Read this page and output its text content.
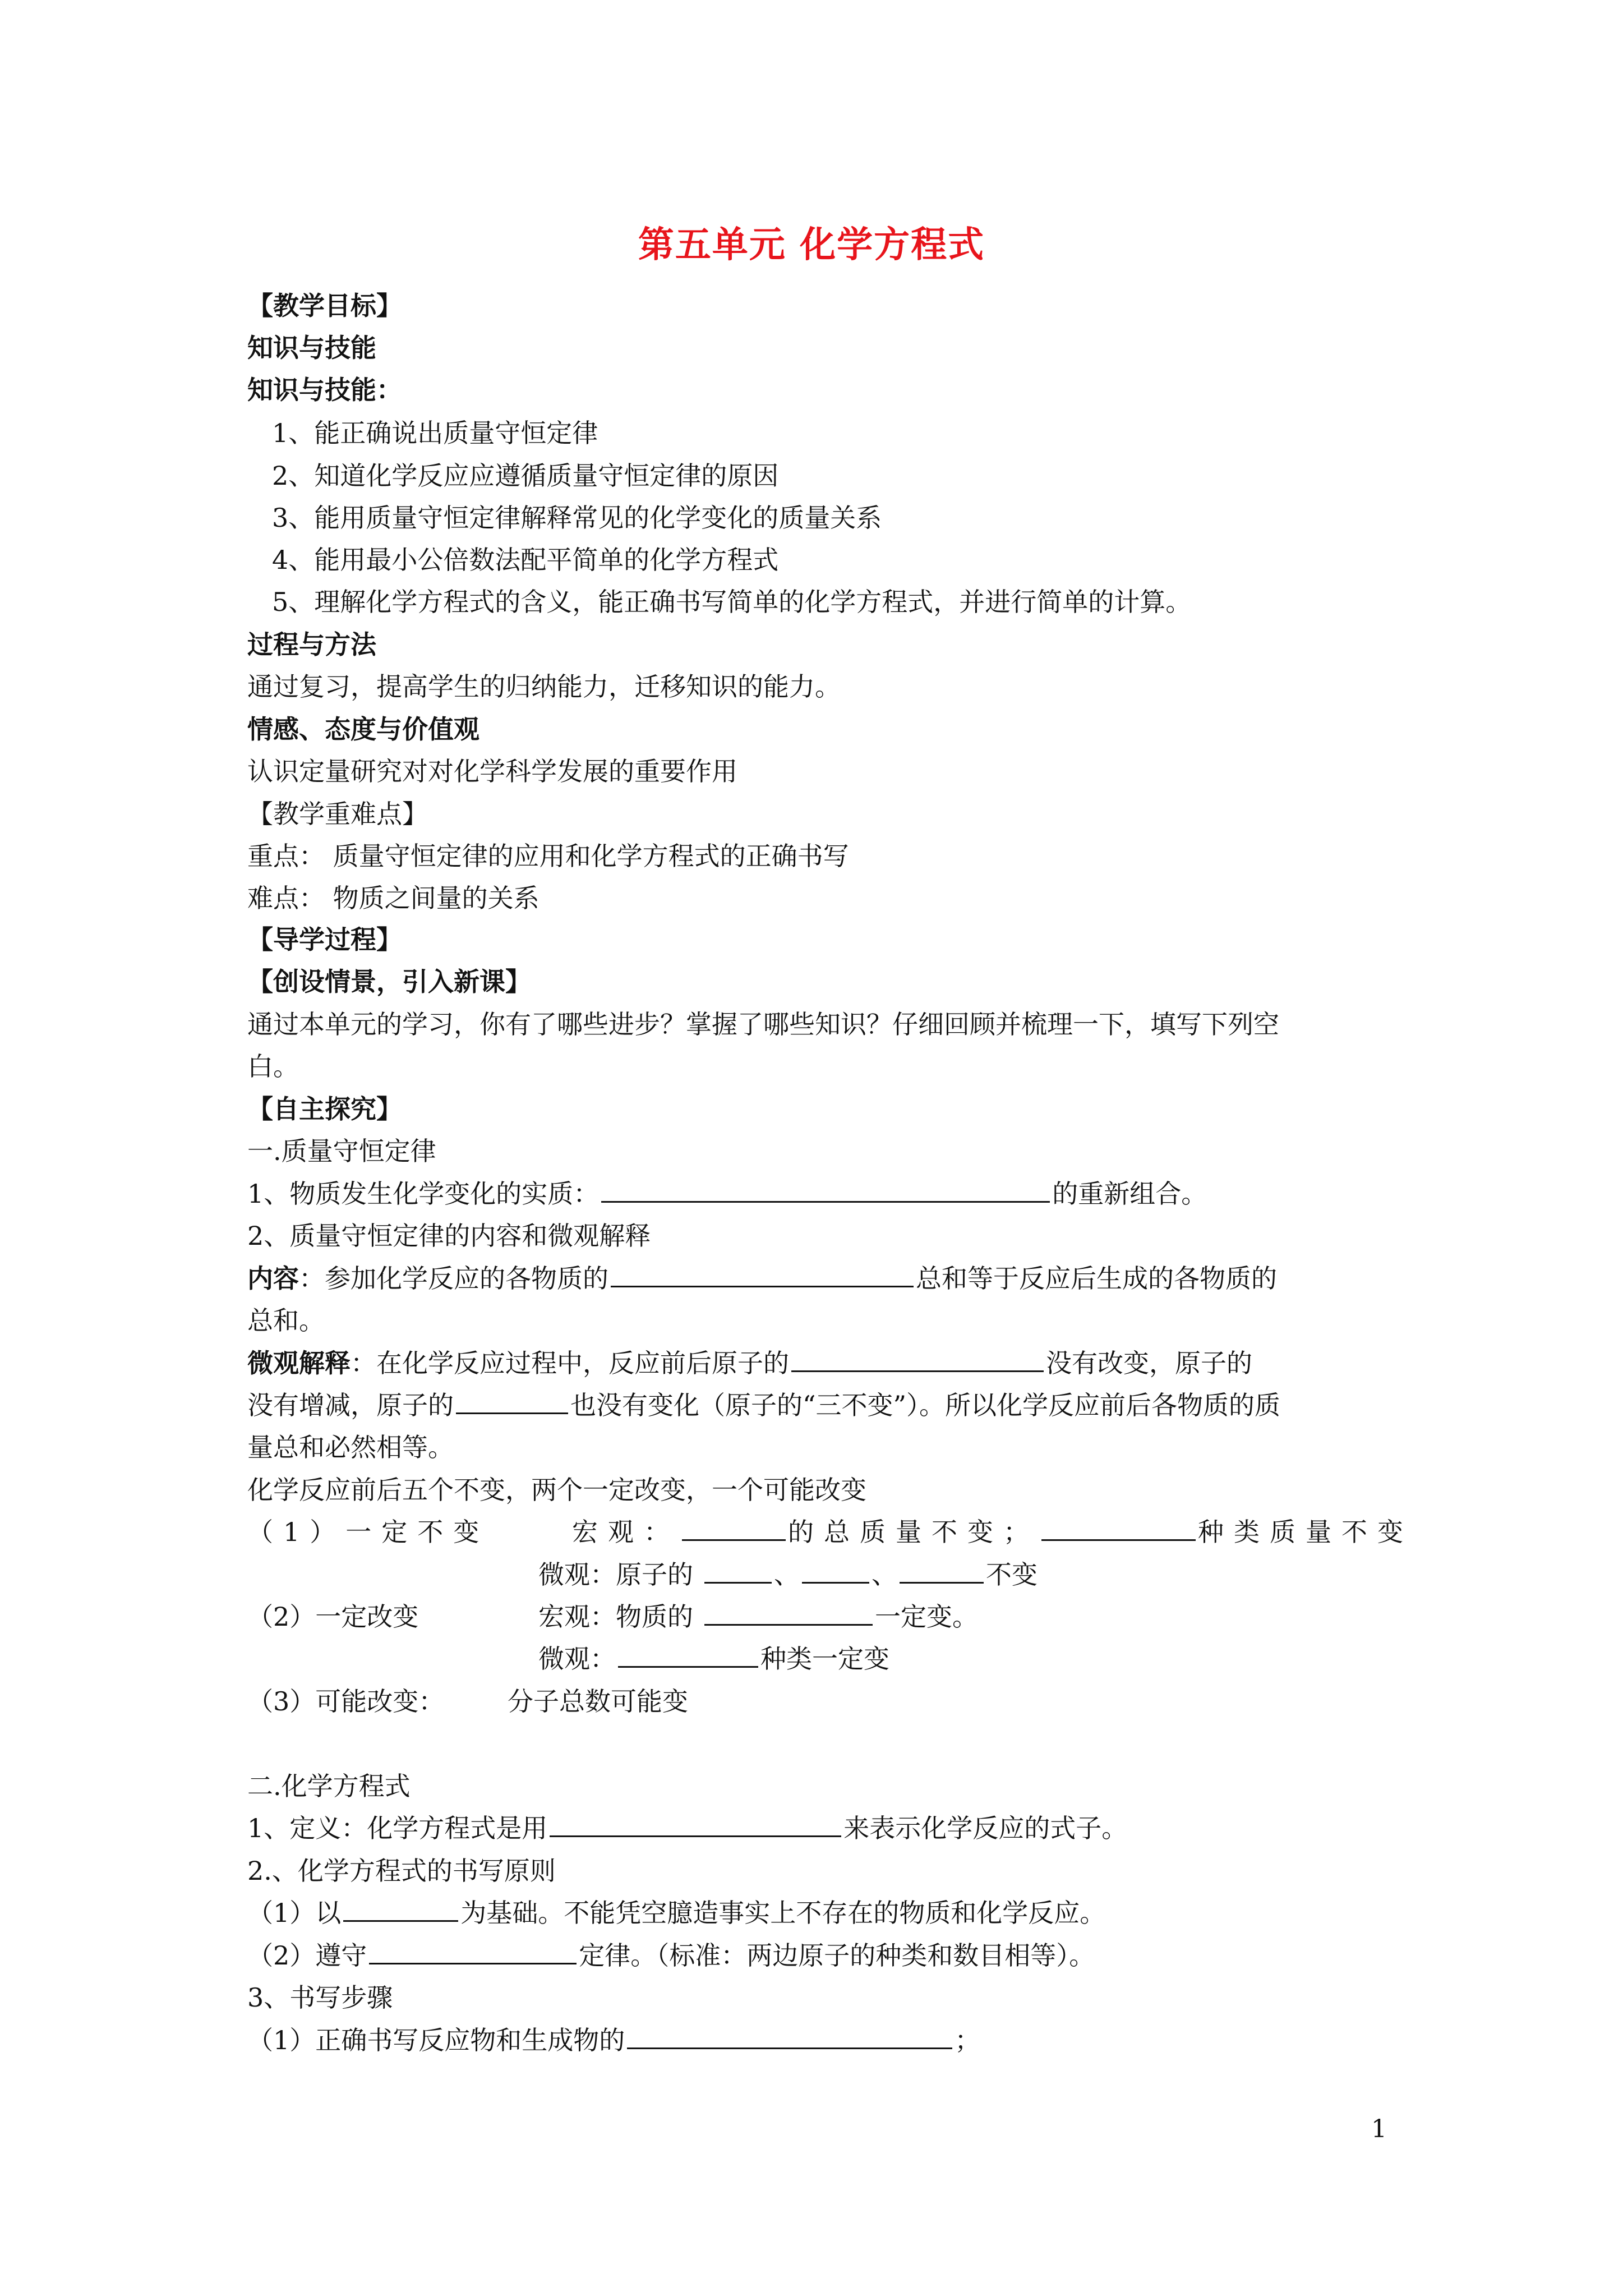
第五单元 化学方程式
【教学目标】
知识与技能
知识与技能：
1、能正确说出质量守恒定律
2、知道化学反应应遵循质量守恒定律的原因
3、能用质量守恒定律解释常见的化学变化的质量关系
4、能用最小公倍数法配平简单的化学方程式
5、理解化学方程式的含义，能正确书写简单的化学方程式，并进行简单的计算。
过程与方法
通过复习，提高学生的归纳能力，迁移知识的能力。
情感、态度与价值观
认识定量研究对对化学科学发展的重要作用
【教学重难点】
重点： 质量守恒定律的应用和化学方程式的正确书写
难点： 物质之间量的关系
【导学过程】
【创设情景，引入新课】
通过本单元的学习，你有了哪些进步？掌握了哪些知识？仔细回顾并梳理一下，填写下列空
白。
【自主探究】
一.质量守恒定律
1、物质发生化学变化的实质：	的重新组合。
2、质量守恒定律的内容和微观解释
内容：参加化学反应的各物质的	总和等于反应后生成的各物质的
总和。
微观解释：在化学反应过程中，反应前后原子的	没有改变，原子的
没有增减，原子的	也没有变化（原子的“三不变”）。所以化学反应前后各物质的质
量总和必然相等。
化学反应前后五个不变，两个一定改变，一个可能改变
（1）一定不变	宏观：	的总质量不变；	种类质量不变
微观：原子的	、	、	不变
（2）一定改变	宏观：物质的	一定变。
微观：	种类一定变
（3）可能改变： 分子总数可能变
二.化学方程式
1、定义：化学方程式是用	来表示化学反应的式子。
2.、化学方程式的书写原则
（1）以	为基础。不能凭空臆造事实上不存在的物质和化学反应。
（2）遵守	定律。（标准：两边原子的种类和数目相等）。
3、书写步骤
（1）正确书写反应物和生成物的	；
1
